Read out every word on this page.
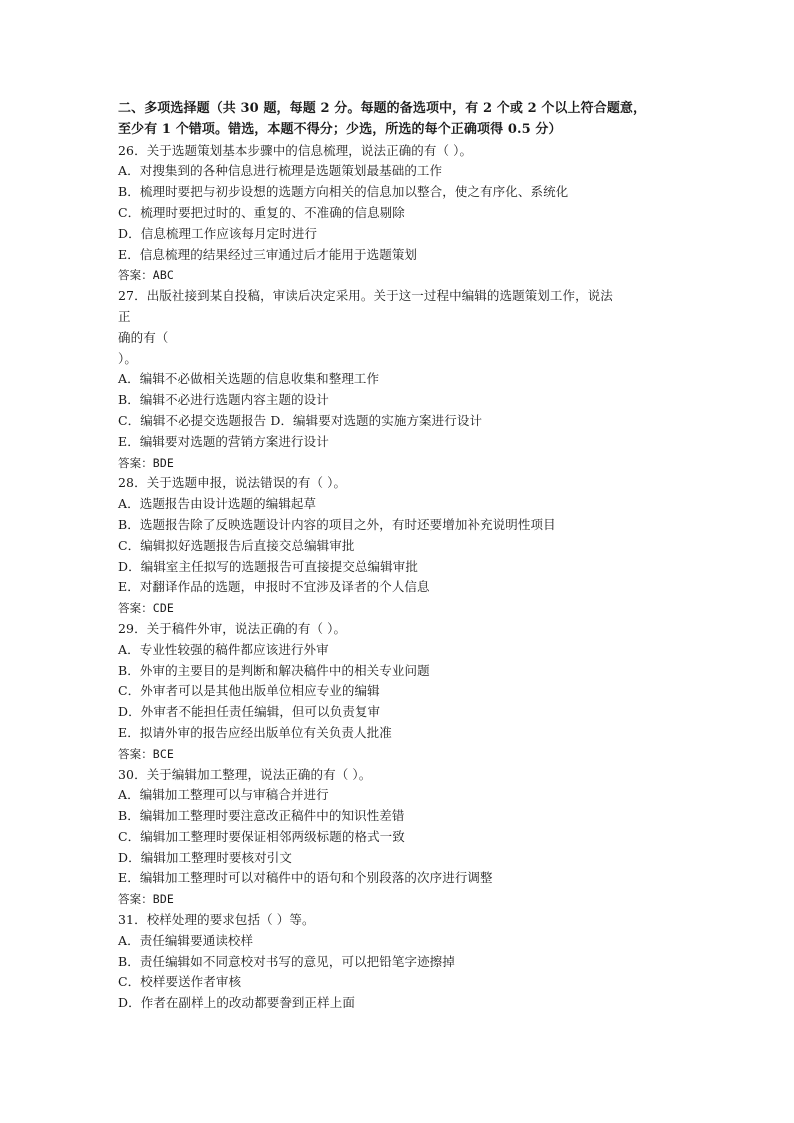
二、多项选择题（共 30 题，每题 2 分。每题的备选项中，有 2 个或 2 个以上符合题意，
至少有 1 个错项。错选，本题不得分；少选，所选的每个正确项得 0.5 分）
26．关于选题策划基本步骤中的信息梳理，说法正确的有（ ）。
A．对搜集到的各种信息进行梳理是选题策划最基础的工作
B．梳理时要把与初步设想的选题方向相关的信息加以整合，使之有序化、系统化
C．梳理时要把过时的、重复的、不准确的信息剔除
D．信息梳理工作应该每月定时进行
E．信息梳理的结果经过三审通过后才能用于选题策划
答案：ABC
27．出版社接到某自投稿，审读后决定采用。关于这一过程中编辑的选题策划工作，说法
正
确的有（
）。
A．编辑不必做相关选题的信息收集和整理工作
B．编辑不必进行选题内容主题的设计
C．编辑不必提交选题报告 D．编辑要对选题的实施方案进行设计
E．编辑要对选题的营销方案进行设计
答案：BDE
28．关于选题申报，说法错误的有（ ）。
A．选题报告由设计选题的编辑起草
B．选题报告除了反映选题设计内容的项目之外，有时还要增加补充说明性项目
C．编辑拟好选题报告后直接交总编辑审批
D．编辑室主任拟写的选题报告可直接提交总编辑审批
E．对翻译作品的选题，申报时不宜涉及译者的个人信息
答案：CDE
29．关于稿件外审，说法正确的有（ ）。
A．专业性较强的稿件都应该进行外审
B．外审的主要目的是判断和解决稿件中的相关专业问题
C．外审者可以是其他出版单位相应专业的编辑
D．外审者不能担任责任编辑，但可以负责复审
E．拟请外审的报告应经出版单位有关负责人批准
答案：BCE
30．关于编辑加工整理，说法正确的有（ ）。
A．编辑加工整理可以与审稿合并进行
B．编辑加工整理时要注意改正稿件中的知识性差错
C．编辑加工整理时要保证相邻两级标题的格式一致
D．编辑加工整理时要核对引文
E．编辑加工整理时可以对稿件中的语句和个别段落的次序进行调整
答案：BDE
31．校样处理的要求包括（ ）等。
A．责任编辑要通读校样
B．责任编辑如不同意校对书写的意见，可以把铅笔字迹擦掉
C．校样要送作者审核
D．作者在副样上的改动都要誊到正样上面
